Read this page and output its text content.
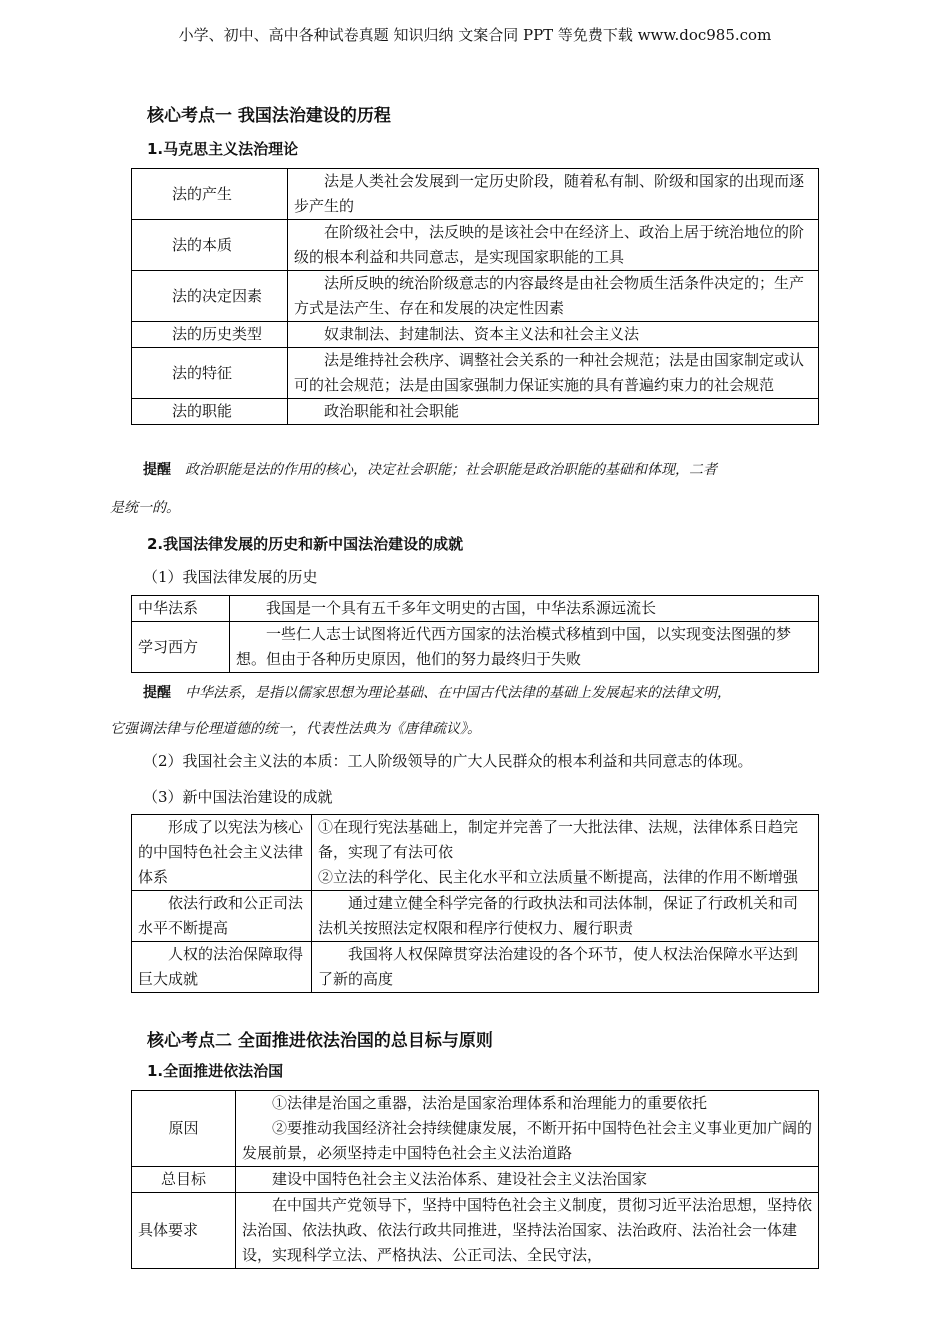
小学、初中、高中各种试卷真题 知识归纳 文案合同 PPT 等免费下载 www.doc985.com
核心考点一 我国法治建设的历程
1.马克思主义法治理论
法的产生	法是人类社会发展到一定历史阶段，随着私有制、阶级和国家的出现而逐步产生的
法的本质	在阶级社会中，法反映的是该社会中在经济上、政治上居于统治地位的阶级的根本利益和共同意志，是实现国家职能的工具
法的决定因素	法所反映的统治阶级意志的内容最终是由社会物质生活条件决定的；生产方式是法产生、存在和发展的决定性因素
法的历史类型	奴隶制法、封建制法、资本主义法和社会主义法
法的特征	法是维持社会秩序、调整社会关系的一种社会规范；法是由国家制定或认可的社会规范；法是由国家强制力保证实施的具有普遍约束力的社会规范
法的职能	政治职能和社会职能
提醒 政治职能是法的作用的核心，决定社会职能；社会职能是政治职能的基础和体现，二者
是统一的。
2.我国法律发展的历史和新中国法治建设的成就
（1）我国法律发展的历史
中华法系	我国是一个具有五千多年文明史的古国，中华法系源远流长
学习西方	一些仁人志士试图将近代西方国家的法治模式移植到中国，以实现变法图强的梦想。但由于各种历史原因，他们的努力最终归于失败
提醒 中华法系，是指以儒家思想为理论基础、在中国古代法律的基础上发展起来的法律文明，
它强调法律与伦理道德的统一，代表性法典为《唐律疏议》。
（2）我国社会主义法的本质：工人阶级领导的广大人民群众的根本利益和共同意志的体现。
（3）新中国法治建设的成就
形成了以宪法为核心的中国特色社会主义法律体系	①在现行宪法基础上，制定并完善了一大批法律、法规，法律体系日趋完备，实现了有法可依
②立法的科学化、民主化水平和立法质量不断提高，法律的作用不断增强

依法行政和公正司法水平不断提高	通过建立健全科学完备的行政执法和司法体制，保证了行政机关和司法机关按照法定权限和程序行使权力、履行职责
人权的法治保障取得巨大成就	我国将人权保障贯穿法治建设的各个环节，使人权法治保障水平达到了新的高度
核心考点二 全面推进依法治国的总目标与原则
1.全面推进依法治国
原因	①法律是治国之重器，法治是国家治理体系和治理能力的重要依托
②要推动我国经济社会持续健康发展，不断开拓中国特色社会主义事业更加广阔的发展前景，必须坚持走中国特色社会主义法治道路

总目标	建设中国特色社会主义法治体系、建设社会主义法治国家
具体要求	在中国共产党领导下，坚持中国特色社会主义制度，贯彻习近平法治思想，坚持依法治国、依法执政、依法行政共同推进，坚持法治国家、法治政府、法治社会一体建设，实现科学立法、严格执法、公正司法、全民守法，
